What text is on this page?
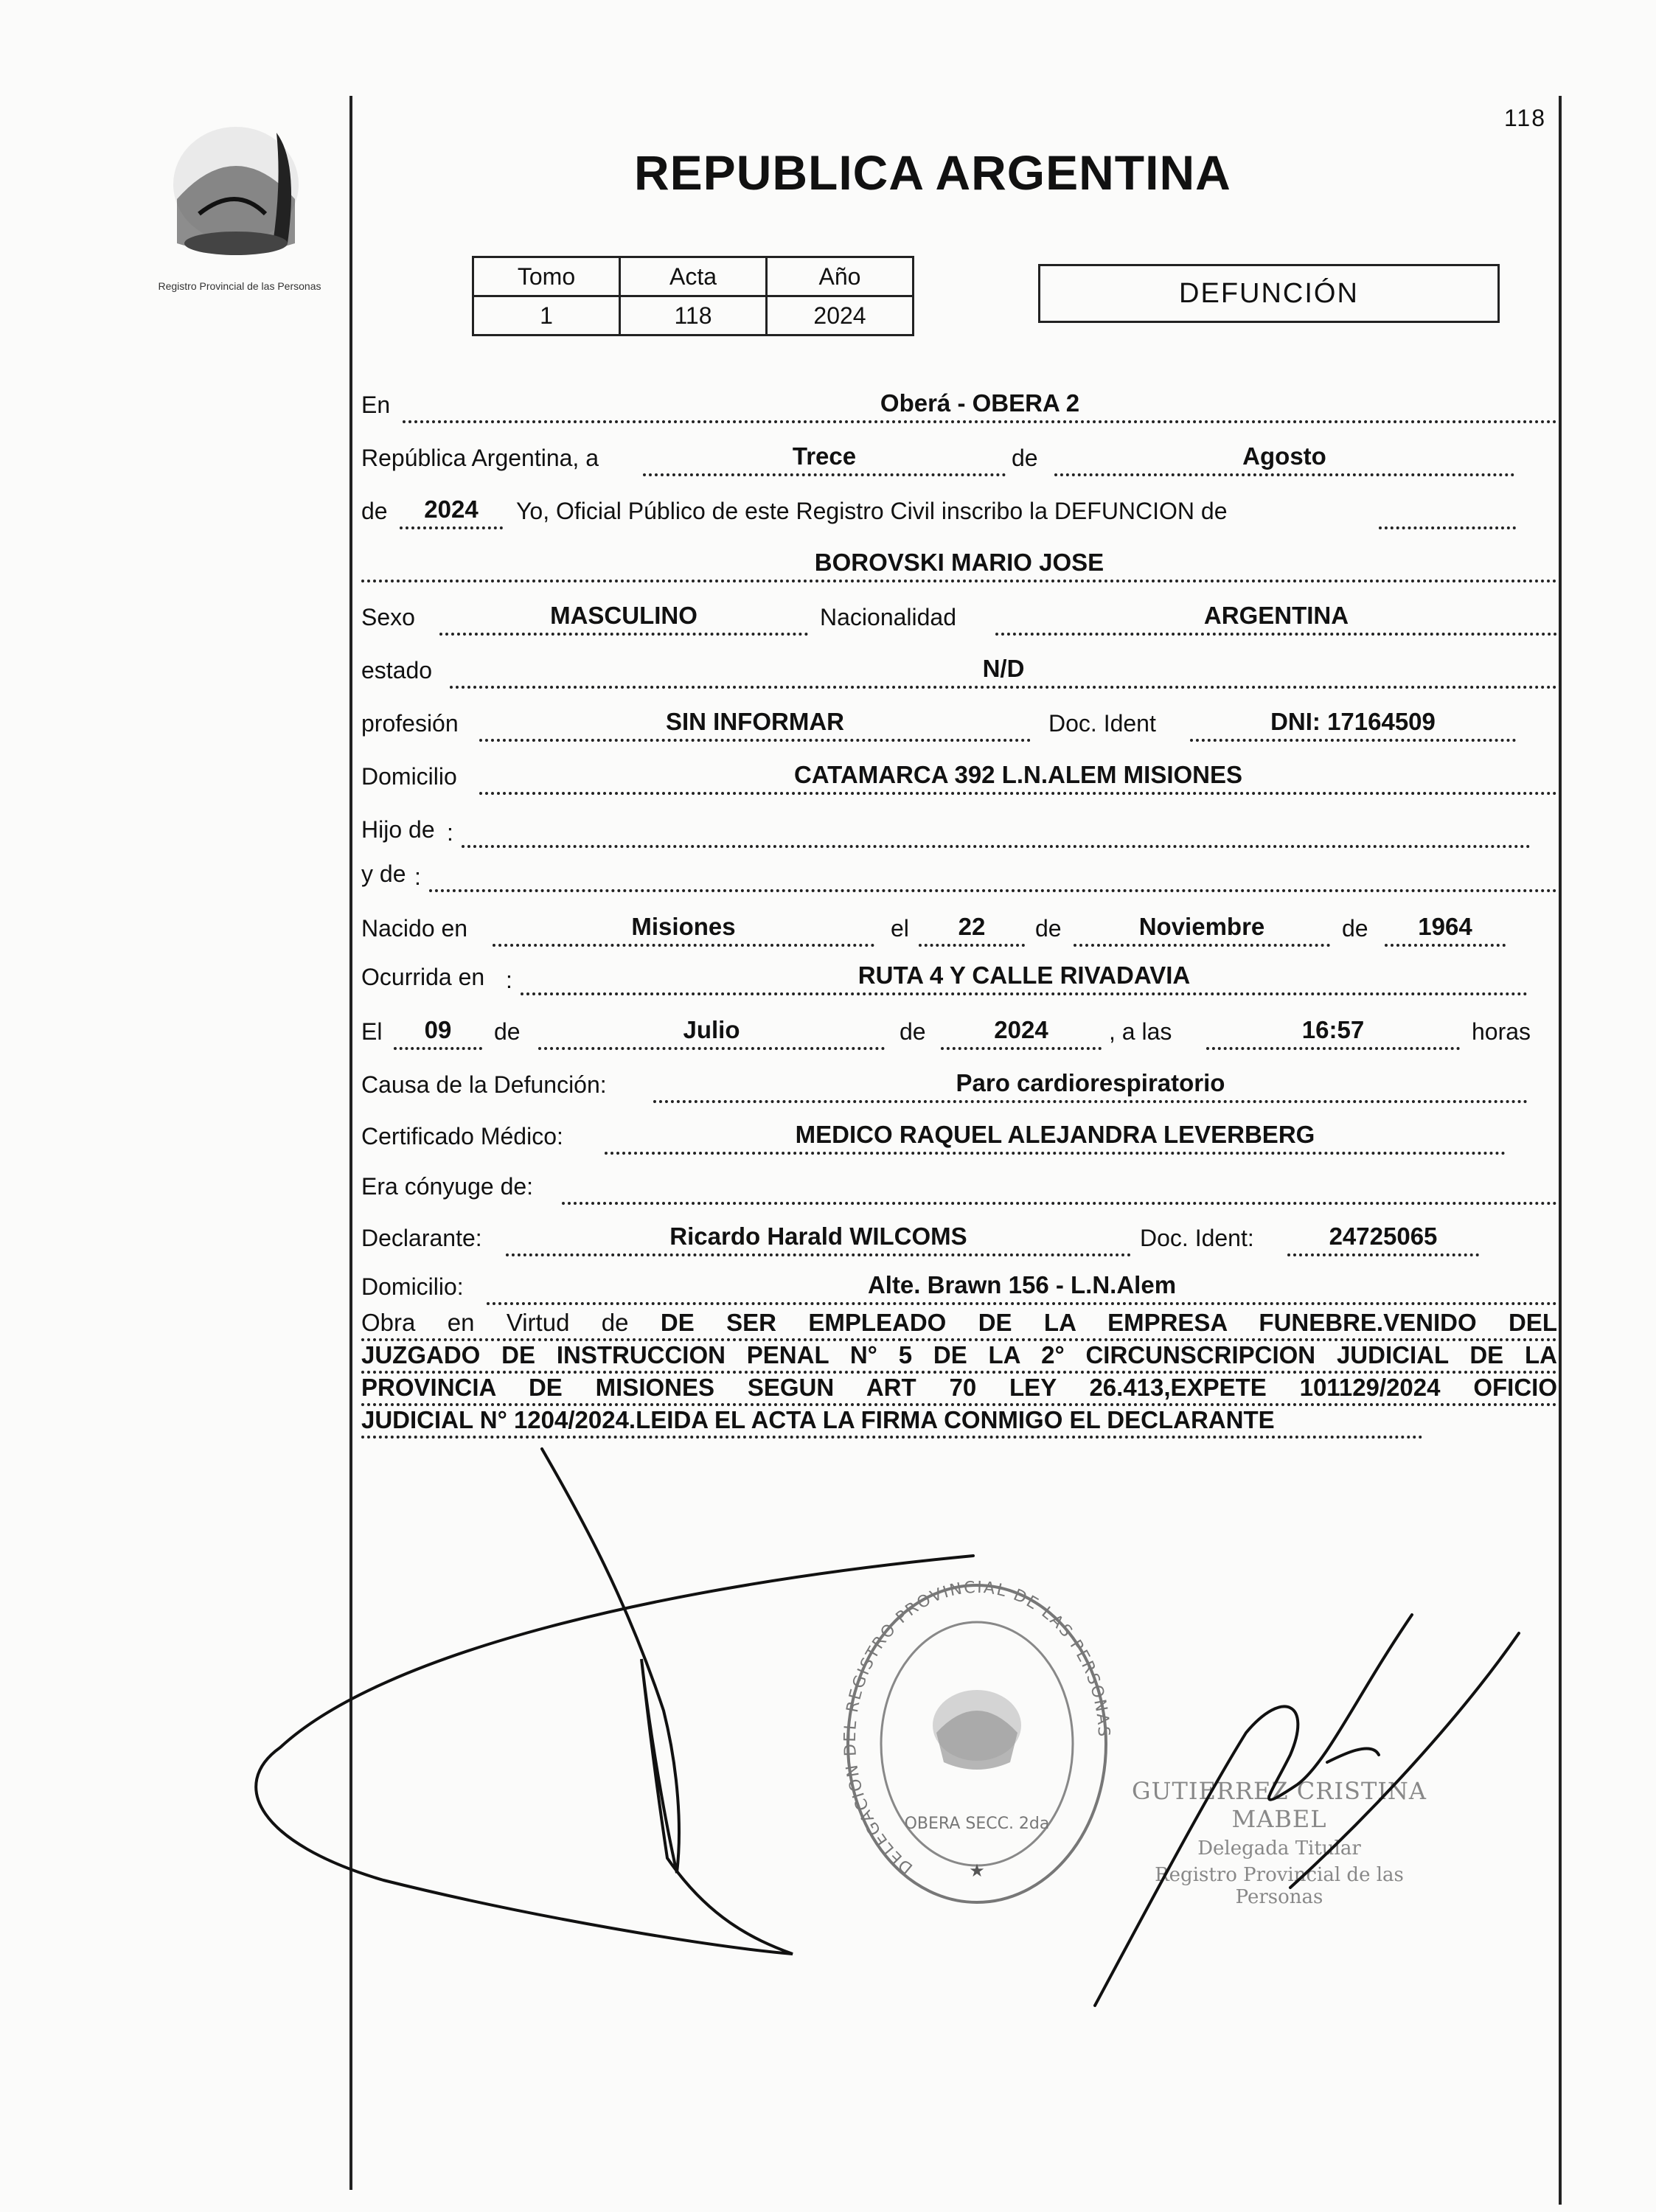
118
Registro Provincial de las Personas
REPUBLICA ARGENTINA
Tomo	Acta	Año
1	118	2024
DEFUNCIÓN
En	Oberá - OBERA 2
República Argentina, a	Trece	de	Agosto
de	2024	Yo, Oficial Público de este Registro Civil inscribo la DEFUNCION de
BOROVSKI MARIO JOSE
Sexo	MASCULINO	Nacionalidad	ARGENTINA
estado	N/D
profesión	SIN INFORMAR	Doc. Ident	DNI: 17164509
Domicilio	CATAMARCA 392 L.N.ALEM MISIONES
Hijo de :
y de :
Nacido en	Misiones	el	22	de	Noviembre	de	1964
Ocurrida en :	RUTA 4 Y CALLE RIVADAVIA
El	09	de	Julio	de	2024	, a las	16:57	horas
Causa de la Defunción:	Paro cardiorespiratorio
Certificado Médico:	MEDICO RAQUEL ALEJANDRA LEVERBERG
Era cónyuge de:
Declarante:	Ricardo Harald WILCOMS	Doc. Ident:	24725065
Domicilio:	Alte. Brawn 156 - L.N.Alem
Obra en Virtud de DE SER EMPLEADO DE LA EMPRESA FUNEBRE.VENIDO DEL
JUZGADO DE INSTRUCCION PENAL N° 5 DE LA 2° CIRCUNSCRIPCION JUDICIAL DE LA
PROVINCIA DE MISIONES SEGUN ART 70 LEY 26.413,EXPETE 101129/2024 OFICIO
JUDICIAL N° 1204/2024.LEIDA EL ACTA LA FIRMA CONMIGO EL DECLARANTE
DELEGACION DEL REGISTRO PROVINCIAL DE LAS PERSONAS
OBERA SECC. 2da
★
GUTIERREZ CRISTINA MABEL
Delegada Titular
Registro Provincial de las Personas
